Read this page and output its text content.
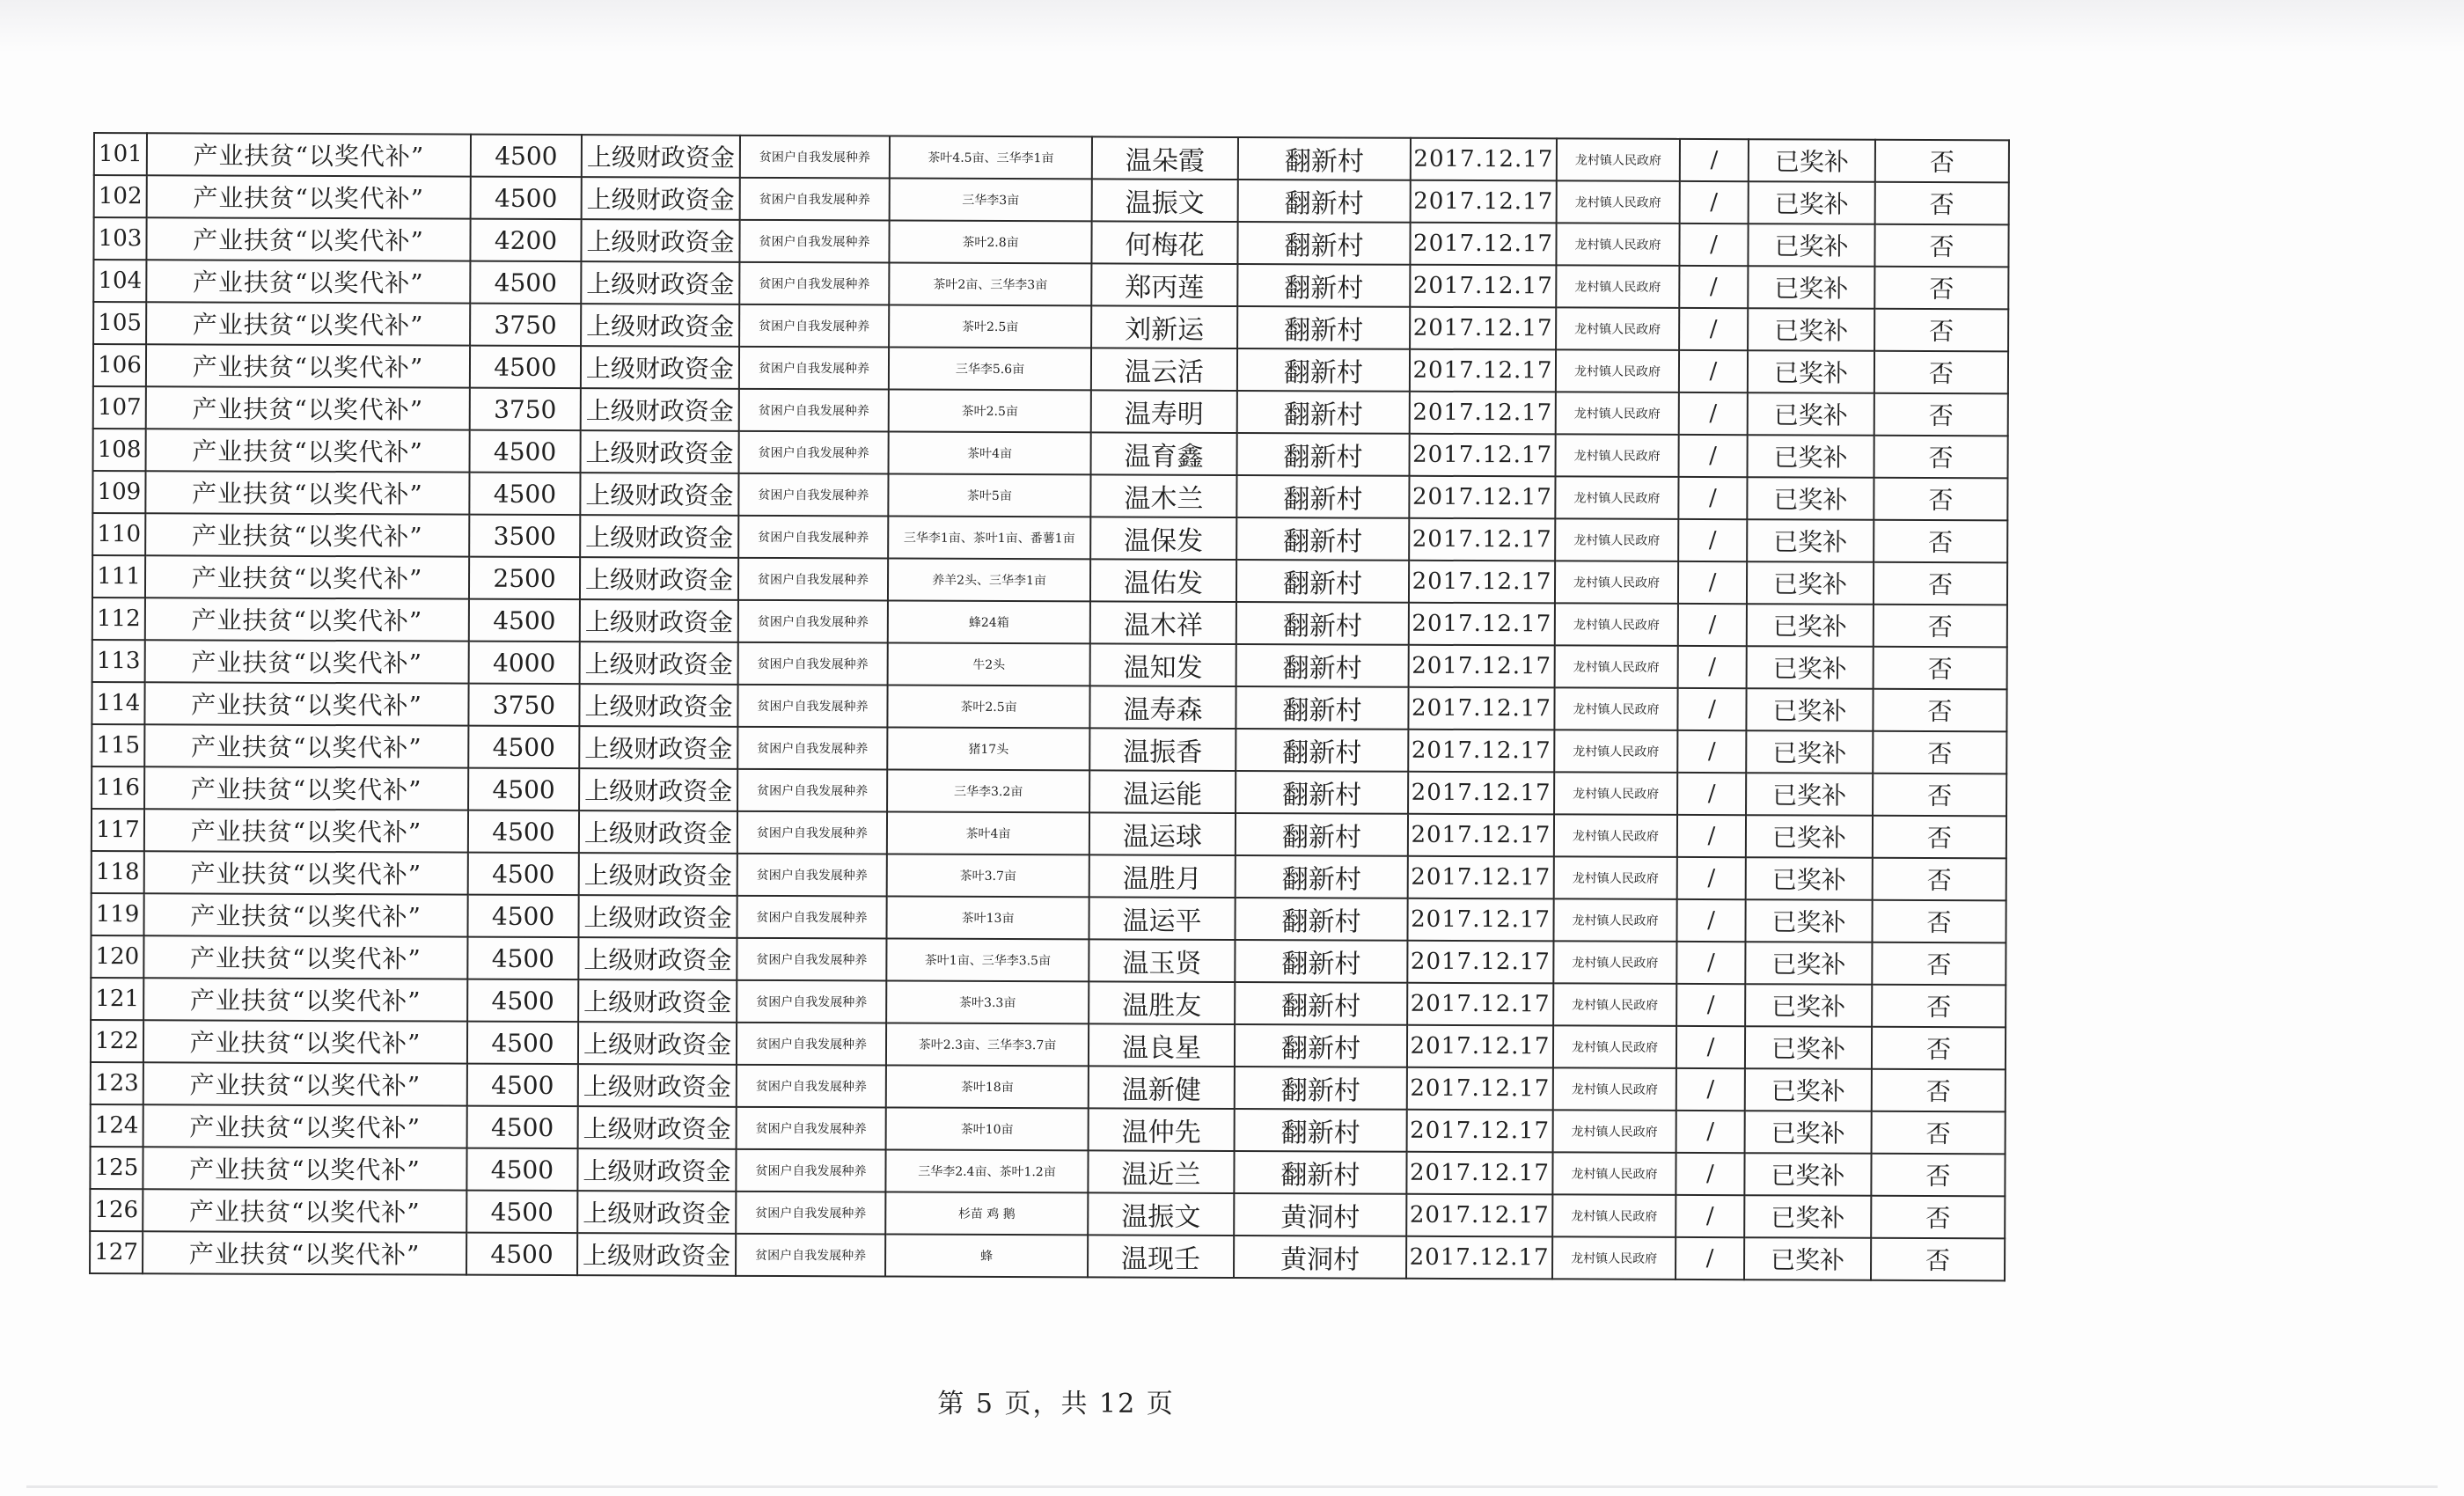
101	产业扶贫“以奖代补”	4500	上级财政资金	贫困户自我发展种养	茶叶4.5亩、三华李1亩	温朵霞	翻新村	2017.12.17	龙村镇人民政府	/	已奖补	否
102	产业扶贫“以奖代补”	4500	上级财政资金	贫困户自我发展种养	三华李3亩	温振文	翻新村	2017.12.17	龙村镇人民政府	/	已奖补	否
103	产业扶贫“以奖代补”	4200	上级财政资金	贫困户自我发展种养	茶叶2.8亩	何梅花	翻新村	2017.12.17	龙村镇人民政府	/	已奖补	否
104	产业扶贫“以奖代补”	4500	上级财政资金	贫困户自我发展种养	茶叶2亩、三华李3亩	郑丙莲	翻新村	2017.12.17	龙村镇人民政府	/	已奖补	否
105	产业扶贫“以奖代补”	3750	上级财政资金	贫困户自我发展种养	茶叶2.5亩	刘新运	翻新村	2017.12.17	龙村镇人民政府	/	已奖补	否
106	产业扶贫“以奖代补”	4500	上级财政资金	贫困户自我发展种养	三华李5.6亩	温云活	翻新村	2017.12.17	龙村镇人民政府	/	已奖补	否
107	产业扶贫“以奖代补”	3750	上级财政资金	贫困户自我发展种养	茶叶2.5亩	温寿明	翻新村	2017.12.17	龙村镇人民政府	/	已奖补	否
108	产业扶贫“以奖代补”	4500	上级财政资金	贫困户自我发展种养	茶叶4亩	温育鑫	翻新村	2017.12.17	龙村镇人民政府	/	已奖补	否
109	产业扶贫“以奖代补”	4500	上级财政资金	贫困户自我发展种养	茶叶5亩	温木兰	翻新村	2017.12.17	龙村镇人民政府	/	已奖补	否
110	产业扶贫“以奖代补”	3500	上级财政资金	贫困户自我发展种养	三华李1亩、茶叶1亩、番薯1亩	温保发	翻新村	2017.12.17	龙村镇人民政府	/	已奖补	否
111	产业扶贫“以奖代补”	2500	上级财政资金	贫困户自我发展种养	养羊2头、三华李1亩	温佑发	翻新村	2017.12.17	龙村镇人民政府	/	已奖补	否
112	产业扶贫“以奖代补”	4500	上级财政资金	贫困户自我发展种养	蜂24箱	温木祥	翻新村	2017.12.17	龙村镇人民政府	/	已奖补	否
113	产业扶贫“以奖代补”	4000	上级财政资金	贫困户自我发展种养	牛2头	温知发	翻新村	2017.12.17	龙村镇人民政府	/	已奖补	否
114	产业扶贫“以奖代补”	3750	上级财政资金	贫困户自我发展种养	茶叶2.5亩	温寿森	翻新村	2017.12.17	龙村镇人民政府	/	已奖补	否
115	产业扶贫“以奖代补”	4500	上级财政资金	贫困户自我发展种养	猪17头	温振香	翻新村	2017.12.17	龙村镇人民政府	/	已奖补	否
116	产业扶贫“以奖代补”	4500	上级财政资金	贫困户自我发展种养	三华李3.2亩	温运能	翻新村	2017.12.17	龙村镇人民政府	/	已奖补	否
117	产业扶贫“以奖代补”	4500	上级财政资金	贫困户自我发展种养	茶叶4亩	温运球	翻新村	2017.12.17	龙村镇人民政府	/	已奖补	否
118	产业扶贫“以奖代补”	4500	上级财政资金	贫困户自我发展种养	茶叶3.7亩	温胜月	翻新村	2017.12.17	龙村镇人民政府	/	已奖补	否
119	产业扶贫“以奖代补”	4500	上级财政资金	贫困户自我发展种养	茶叶13亩	温运平	翻新村	2017.12.17	龙村镇人民政府	/	已奖补	否
120	产业扶贫“以奖代补”	4500	上级财政资金	贫困户自我发展种养	茶叶1亩、三华李3.5亩	温玉贤	翻新村	2017.12.17	龙村镇人民政府	/	已奖补	否
121	产业扶贫“以奖代补”	4500	上级财政资金	贫困户自我发展种养	茶叶3.3亩	温胜友	翻新村	2017.12.17	龙村镇人民政府	/	已奖补	否
122	产业扶贫“以奖代补”	4500	上级财政资金	贫困户自我发展种养	茶叶2.3亩、三华李3.7亩	温良星	翻新村	2017.12.17	龙村镇人民政府	/	已奖补	否
123	产业扶贫“以奖代补”	4500	上级财政资金	贫困户自我发展种养	茶叶18亩	温新健	翻新村	2017.12.17	龙村镇人民政府	/	已奖补	否
124	产业扶贫“以奖代补”	4500	上级财政资金	贫困户自我发展种养	茶叶10亩	温仲先	翻新村	2017.12.17	龙村镇人民政府	/	已奖补	否
125	产业扶贫“以奖代补”	4500	上级财政资金	贫困户自我发展种养	三华李2.4亩、茶叶1.2亩	温近兰	翻新村	2017.12.17	龙村镇人民政府	/	已奖补	否
126	产业扶贫“以奖代补”	4500	上级财政资金	贫困户自我发展种养	杉苗 鸡 鹅	温振文	黄洞村	2017.12.17	龙村镇人民政府	/	已奖补	否
127	产业扶贫“以奖代补”	4500	上级财政资金	贫困户自我发展种养	蜂	温现壬	黄洞村	2017.12.17	龙村镇人民政府	/	已奖补	否
第 5 页，共 12 页
